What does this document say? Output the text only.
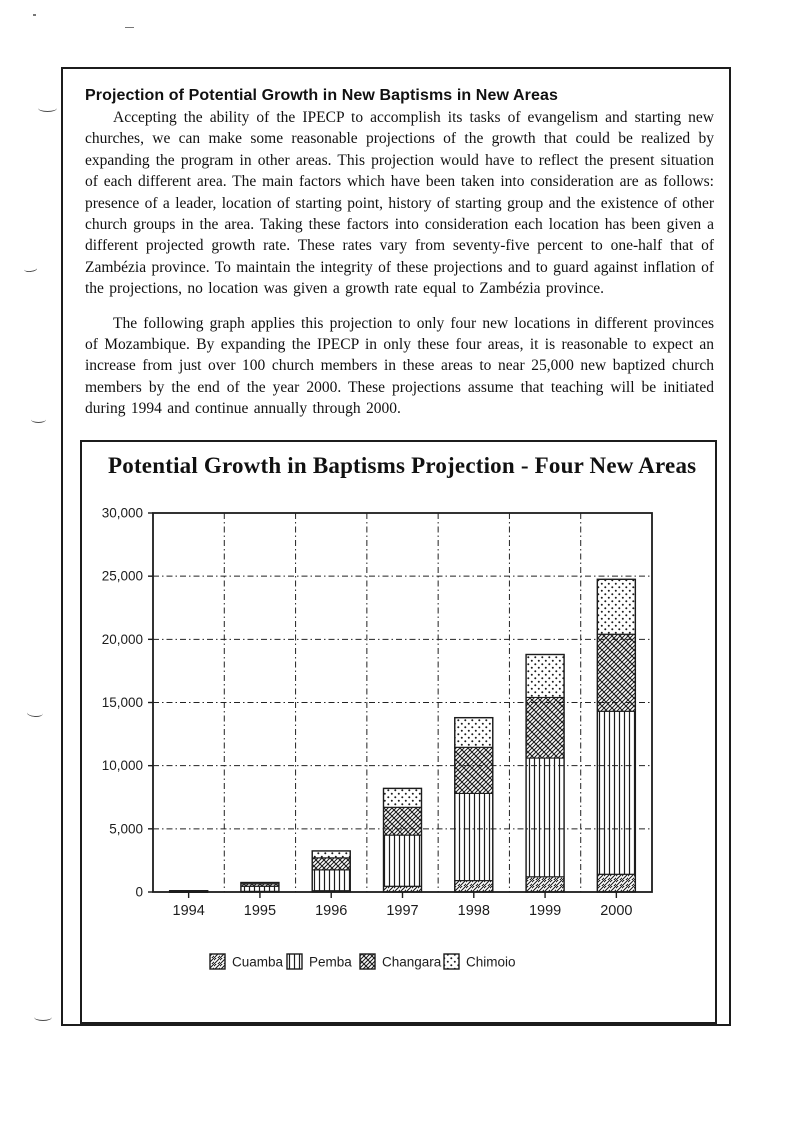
Projection of Potential Growth in New Baptisms in New Areas

Accepting the ability of the IPECP to accomplish its tasks of evangelism and starting new churches, we can make some reasonable projections of the growth that could be realized by expanding the program in other areas. This projection would have to reflect the present situation of each different area. The main factors which have been taken into consideration are as follows: presence of a leader, location of starting point, history of starting group and the existence of other church groups in the area. Taking these factors into consideration each location has been given a different projected growth rate. These rates vary from seventy-five percent to one-half that of Zambézia province. To maintain the integrity of these projections and to guard against inflation of the projections, no location was given a growth rate equal to Zambézia province.

The following graph applies this projection to only four new locations in different provinces of Mozambique. By expanding the IPECP in only these four areas, it is reasonable to expect an increase from just over 100 church members in these areas to near 25,000 new baptized church members by the end of the year 2000. These projections assume that teaching will be initiated during 1994 and continue annually through 2000.

Potential Growth in Baptisms Projection - Four New Areas
0
5,000
10,000
15,000
20,000
25,000
30,000
1994	1995	1996	1997	1998	1999	2000
Cuamba Pemba Changara Chimoio
